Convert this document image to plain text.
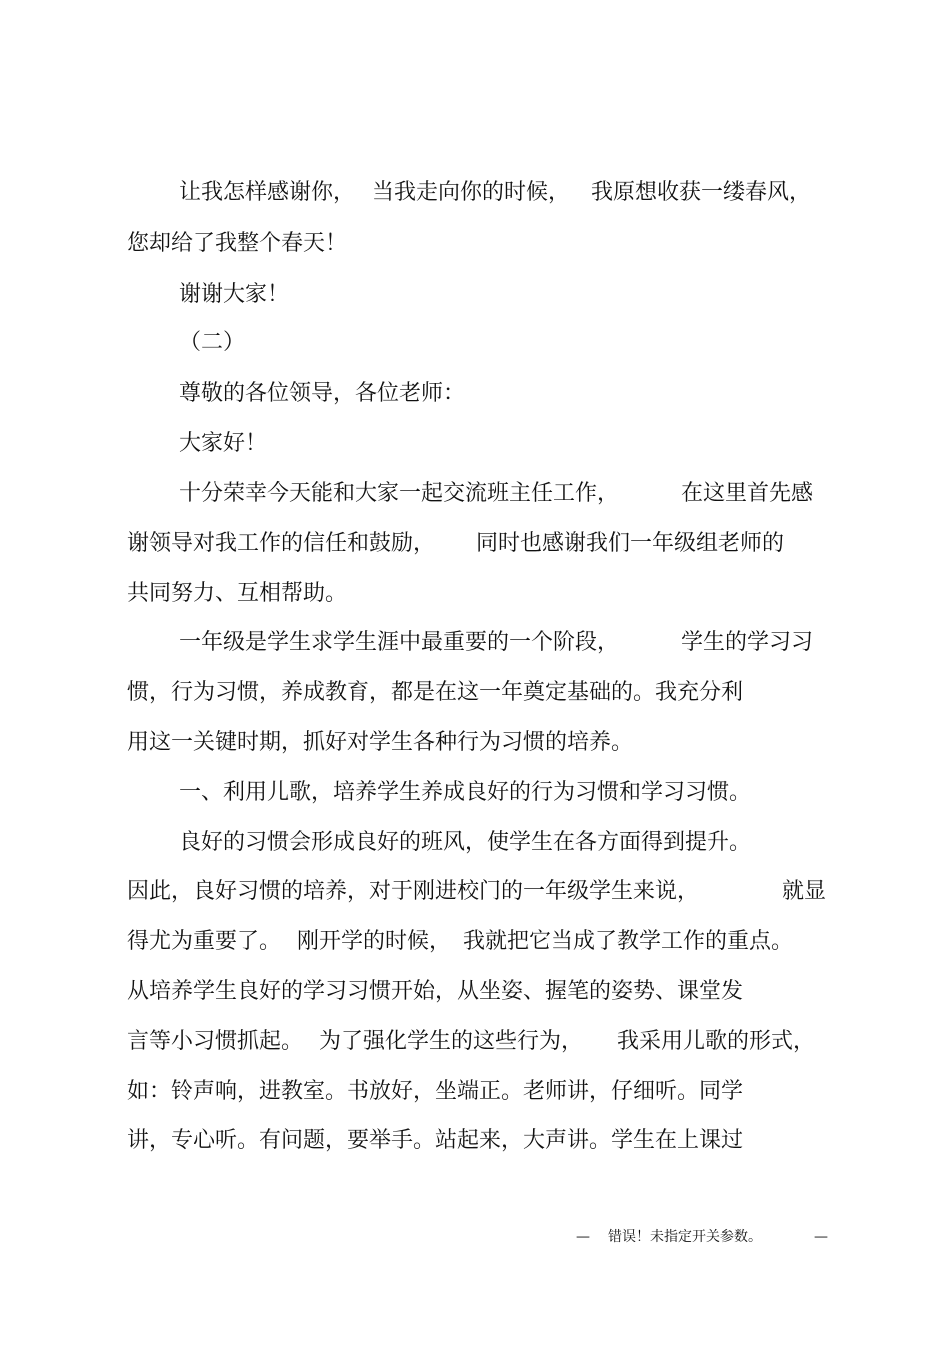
让我怎样感谢你，

当我走向你的时候，

我原想收获一缕春风，

您却给了我整个春天！

谢谢大家！

（二）

尊敬的各位领导，各位老师：

大家好！

十分荣幸今天能和大家一起交流班主任工作，

	在这里首先感

谢领导对我工作的信任和鼓励，

同时也感谢我们一年级组老师的

共同努力、互相帮助。

一年级是学生求学生涯中最重要的一个阶段，

	学生的学习习

惯，行为习惯，养成教育，都是在这一年奠定基础的。我充分利

用这一关键时期，抓好对学生各种行为习惯的培养。

一、利用儿歌，培养学生养成良好的行为习惯和学习习惯。

良好的习惯会形成良好的班风，使学生在各方面得到提升。

因此，良好习惯的培养，对于刚进校门的一年级学生来说，

	就显

得尤为重要了。

刚开学的时候，

我就把它当成了教学工作的重点。

从培养学生良好的学习习惯开始，从坐姿、握笔的姿势、课堂发

言等小习惯抓起。

为了强化学生的这些行为，

我采用儿歌的形式，

如：铃声响，进教室。书放好，坐端正。老师讲，仔细听。同学

讲，专心听。有问题，要举手。站起来，大声讲。学生在上课过

— 错误！未指定开关参数。	—
